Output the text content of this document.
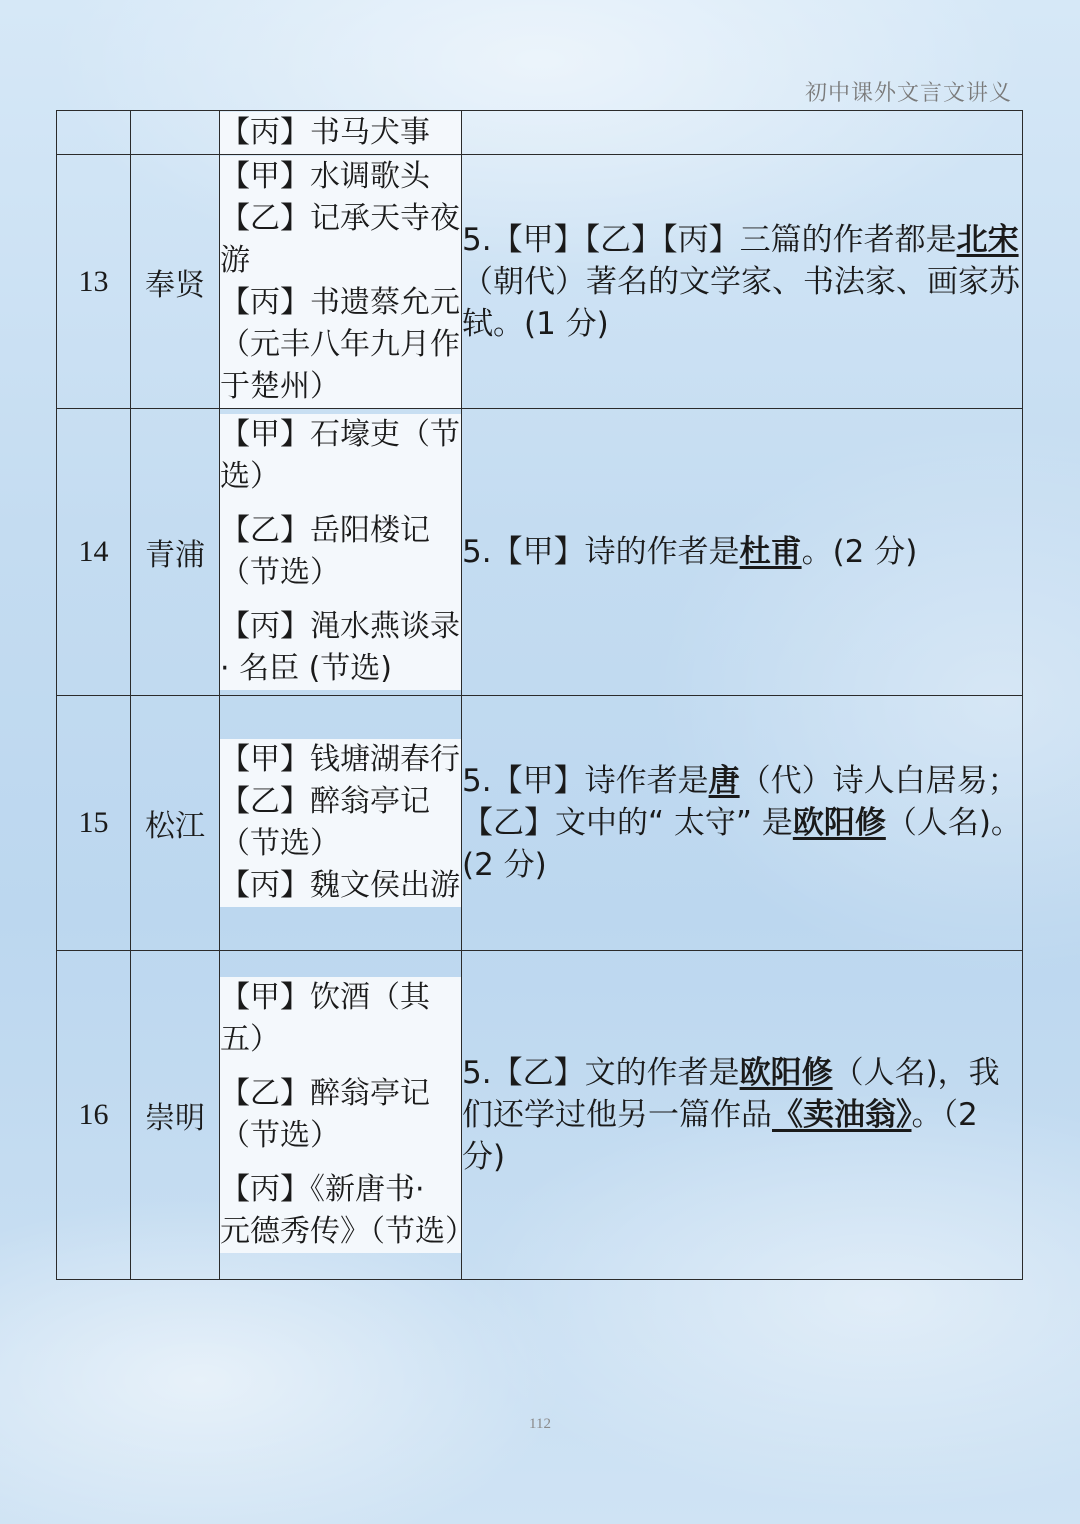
初中课外文言文讲义

		【丙】书马犬事	

13	奉贤	【甲】水调歌头
【乙】记承天寺夜游
【丙】书遗蔡允元（元丰八年九月作于楚州）	5.【甲】【乙】【丙】三篇的作者都是北宋（朝代）著名的文学家、书法家、画家苏轼。(1 分)
14	青浦	【甲】石壕吏（节选）
【乙】岳阳楼记（节选）
【丙】渑水燕谈录· 名臣 (节选)	5.【甲】诗的作者是杜甫。(2 分)
15	松江	【甲】钱塘湖春行
【乙】醉翁亭记（节选）
【丙】魏文侯出游	5.【甲】诗作者是唐（代）诗人白居易；【乙】文中的“ 太守” 是欧阳修（人名)。(2 分)
16	崇明	【甲】饮酒（其五）
【乙】醉翁亭记（节选）
【丙】《新唐书· 元德秀传》（节选）	5.【乙】文的作者是欧阳修（人名)，我们还学过他另一篇作品《卖油翁》。（2 分)
112
